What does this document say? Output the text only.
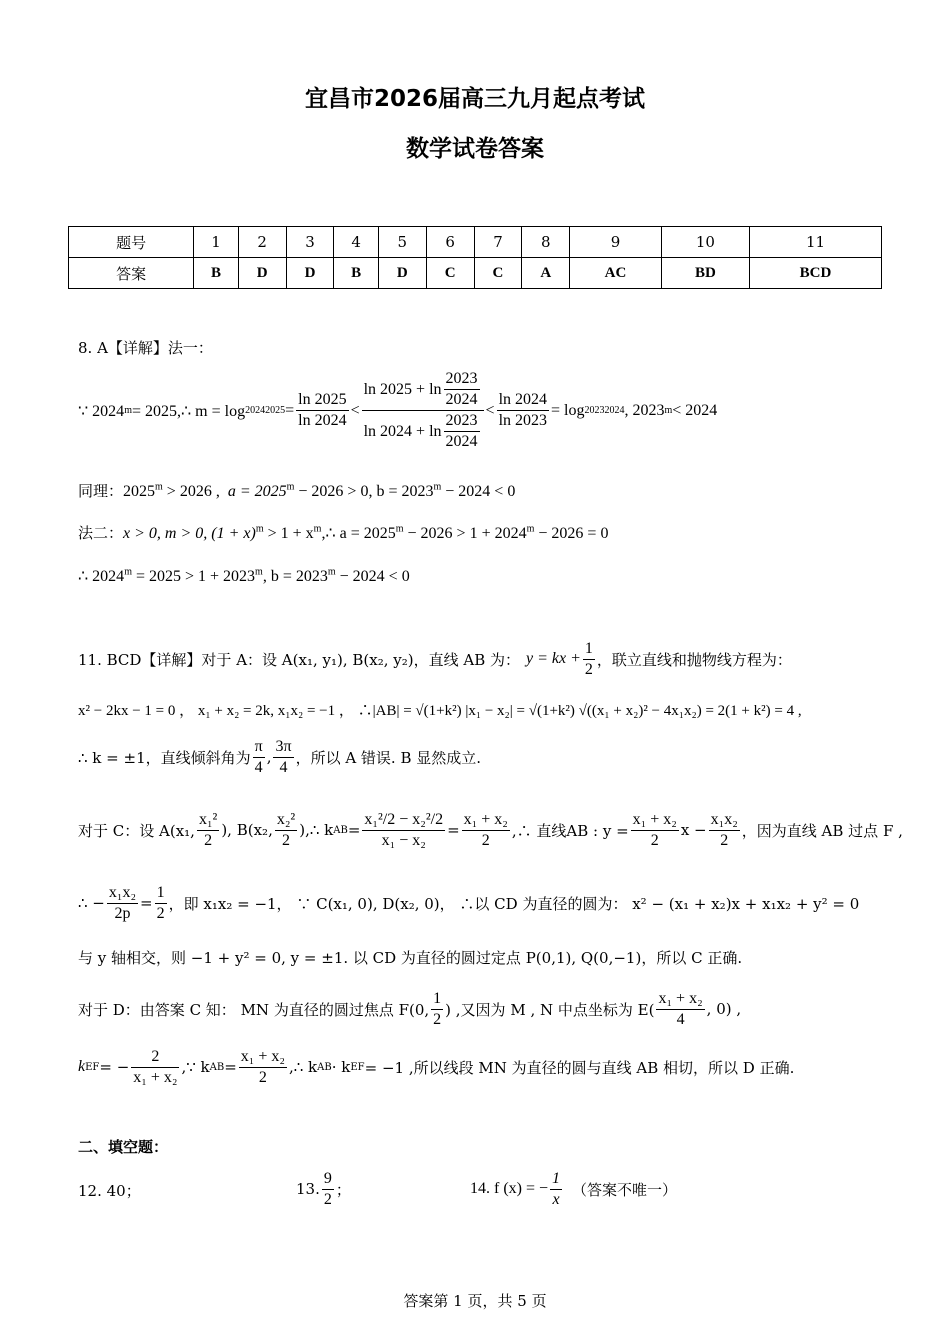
宜昌市2026届高三九月起点考试
数学试卷答案
题号	1	2	3	4	5	6	7	8	9	10	11
答案	B	D	D	B	D	C	C	A	AC	BD	BCD
8. A【详解】法一：
∵ 2024 m = 2025,∴ m = log 2024 $2025 = \frac{\ln 2025}{\ln 2024} < \frac{\ln 2025 + \ln \frac{2023}{2024}}{\ln 2024 + \ln \frac{2023}{2024}} < \frac{\ln 2024}{\ln 2023} = \log 2023$ 2024 , 2023 m < 2024
同理：$2025^m > 2026$ , $a = 2025^m - 2026 > 0$, $b = 2023^m - 2024 < 0$
法二：x > 0, m > 0, $(1 + x)^m > 1$ + $x^m,\therefore$ $a = 2025^m - 2026 > 1 + 2024^m - 2026 = 0$
∴ $2024^m = 2025 > 1 + 2023^m$, $b = 2023^m - 2024 < 0$
11. BCD【详解】对于 A：设 A(x₁, y₁), B(x₂, y₂)，直线 AB 为： y = kx + $\frac{1}{2}$ ，联立直线和抛物线方程为：
x² − 2kx − 1 = 0 ， x₁ + x₂ = 2k, x₁x₂ = −1 ， ∴|AB| = √(1+k²) |x₁ − x₂| = √(1+k²) √((x₁ + x₂)² − 4x₁x₂) = 2(1 + k²) = 4 ,
∴ k = ±1，直线倾斜角为 $\frac{\pi}{4}$ , $\frac{3\pi}{4}$ ，所以 A 错误. B 显然成立.
对于 C：设 A(x₁, $\frac{\text{x₁²}}{2}$ ), B(x₂, $\frac{\text{x₂²}}{2}$ ),∴ k AB = $\frac{\text{x₁²/2 − x₂²/2}}{\text{x₁ − x₂}} = \frac{\text{x₁ + x₂}}{2}$ ,∴ 直线AB : $y = \frac{\text{x₁ + x₂}}{2}$ $x - \frac{\text{x₁x₂}}{2}$ ，因为直线 AB 过点 F ,
∴ − $\frac{\text{x₁x₂}}{2p} = \frac{1}{2}$ ，即 x₁x₂ = −1， ∵ C(x₁, 0), D(x₂, 0)， ∴以 CD 为直径的圆为： x² − (x₁ + x₂)x + x₁x₂ + y² = 0
与 y 轴相交，则 −1 + y² = 0, y = ±1. 以 CD 为直径的圆过定点 P(0,1), Q(0,−1)，所以 C 正确.
对于 D：由答案 C 知： MN 为直径的圆过焦点 F(0, $\frac{1}{2}$ ) ,又因为 M , N 中点坐标为 $E( \frac{\text{x₁ + x₂}}{4}$ , 0) ,
k EF = − $\frac{2}{\text{x₁ + x₂}}$ ,∵ k AB = $\frac{\text{x₁ + x₂}}{2}$ ,∴ k AB · k EF = −1 ,所以线段 MN 为直径的圆与直线 AB 相切，所以 D 正确.
二、填空题：
12. 40；	13. $\frac{9}{2}$ ；	14. f (x) = − $\frac{1}{x}$ （答案不唯一）
答案第 1 页，共 5 页
